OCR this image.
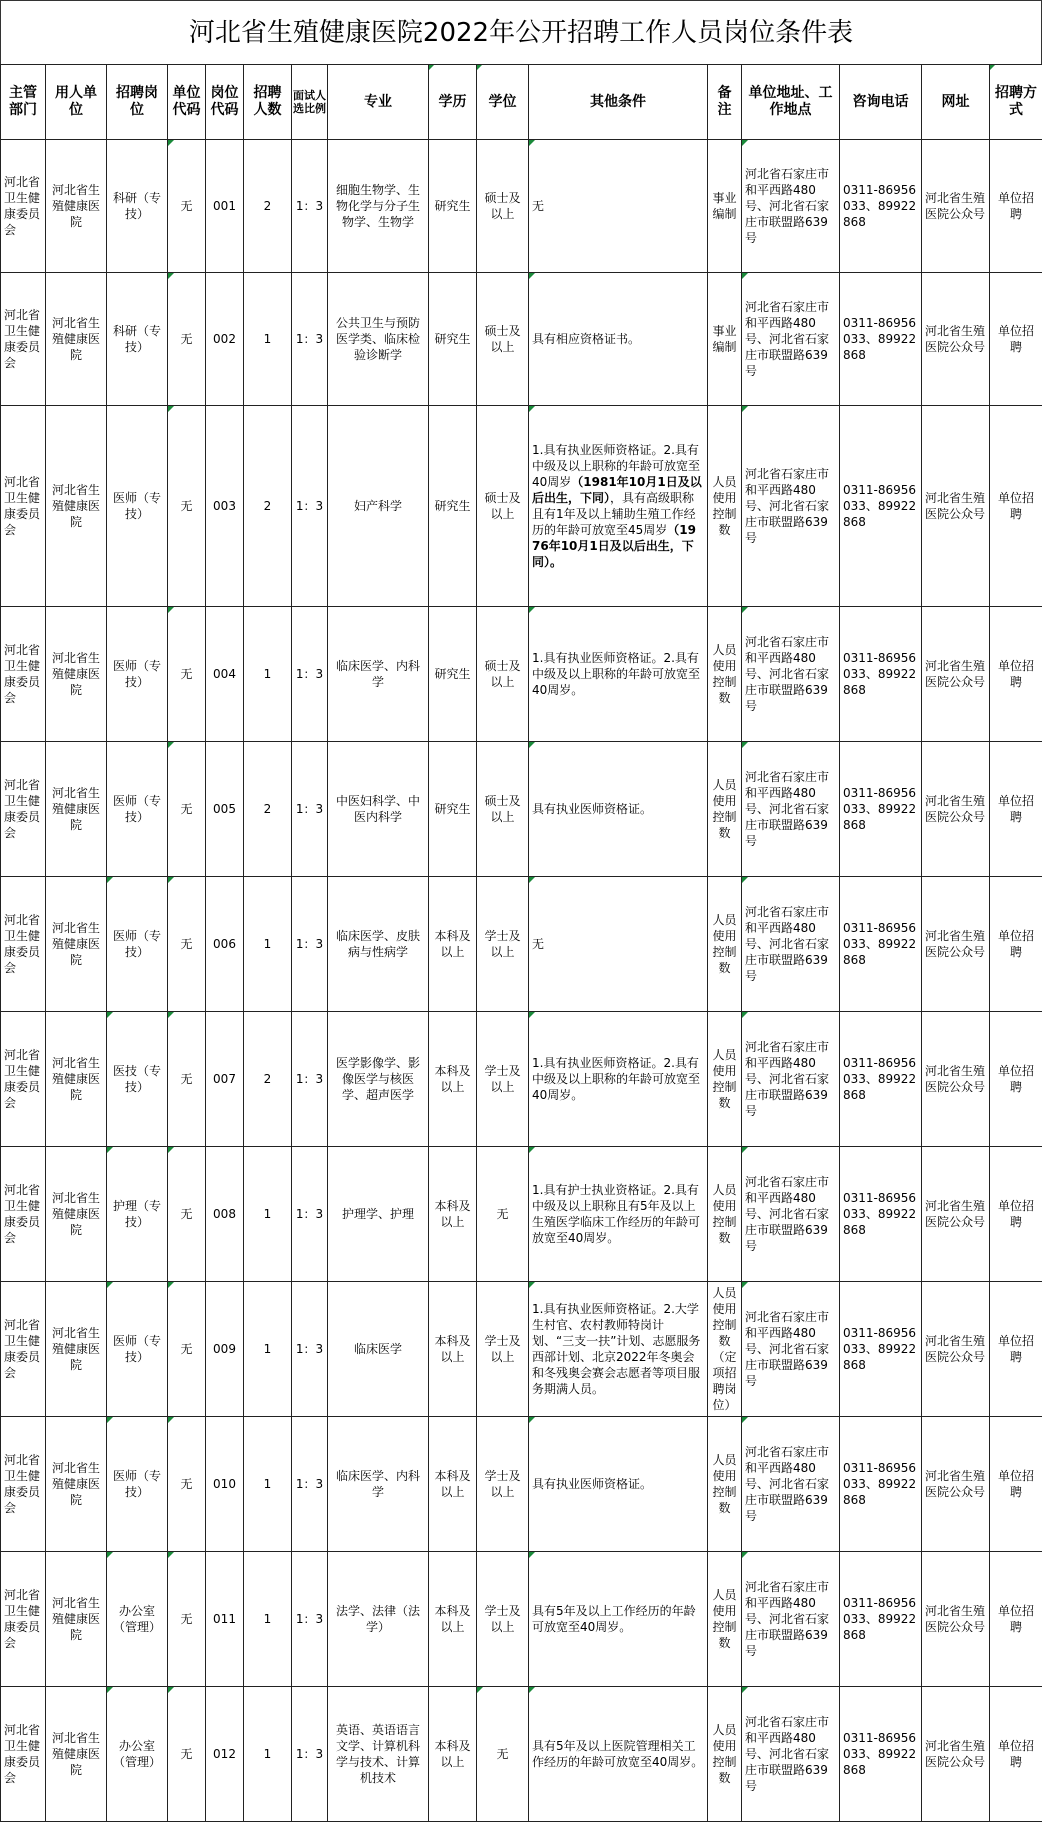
河北省生殖健康医院2022年公开招聘工作人员岗位条件表
主管部门	用人单位	招聘岗位	单位代码	岗位代码	招聘人数	面试人选比例	专业	学历	学位	其他条件	备注	单位地址、工作地点	咨询电话	网址	招聘方式
河北省卫生健康委员会	河北省生殖健康医院	科研（专技）	无	001	2	1：3	细胞生物学、生物化学与分子生物学、生物学	研究生	硕士及以上	无	事业编制	河北省石家庄市和平西路480号、河北省石家庄市联盟路639号	0311-86956033、89922868	河北省生殖医院公众号	单位招聘
河北省卫生健康委员会	河北省生殖健康医院	科研（专技）	无	002	1	1：3	公共卫生与预防医学类、临床检验诊断学	研究生	硕士及以上	具有相应资格证书。	事业编制	河北省石家庄市和平西路480号、河北省石家庄市联盟路639号	0311-86956033、89922868	河北省生殖医院公众号	单位招聘
河北省卫生健康委员会	河北省生殖健康医院	医师（专技）	无	003	2	1：3	妇产科学	研究生	硕士及以上	1.具有执业医师资格证。2.具有中级及以上职称的年龄可放宽至40周岁（1981年10月1日及以后出生，下同），具有高级职称且有1年及以上辅助生殖工作经历的年龄可放宽至45周岁（1976年10月1日及以后出生，下同）。	人员使用控制数	河北省石家庄市和平西路480号、河北省石家庄市联盟路639号	0311-86956033、89922868	河北省生殖医院公众号	单位招聘
河北省卫生健康委员会	河北省生殖健康医院	医师（专技）	无	004	1	1：3	临床医学、内科学	研究生	硕士及以上	1.具有执业医师资格证。2.具有中级及以上职称的年龄可放宽至40周岁。	人员使用控制数	河北省石家庄市和平西路480号、河北省石家庄市联盟路639号	0311-86956033、89922868	河北省生殖医院公众号	单位招聘
河北省卫生健康委员会	河北省生殖健康医院	医师（专技）	无	005	2	1：3	中医妇科学、中医内科学	研究生	硕士及以上	具有执业医师资格证。	人员使用控制数	河北省石家庄市和平西路480号、河北省石家庄市联盟路639号	0311-86956033、89922868	河北省生殖医院公众号	单位招聘
河北省卫生健康委员会	河北省生殖健康医院	医师（专技）	无	006	1	1：3	临床医学、皮肤病与性病学	本科及以上	学士及以上	无	人员使用控制数	河北省石家庄市和平西路480号、河北省石家庄市联盟路639号	0311-86956033、89922868	河北省生殖医院公众号	单位招聘
河北省卫生健康委员会	河北省生殖健康医院	医技（专技）	无	007	2	1：3	医学影像学、影像医学与核医学、超声医学	本科及以上	学士及以上	1.具有执业医师资格证。2.具有中级及以上职称的年龄可放宽至40周岁。	人员使用控制数	河北省石家庄市和平西路480号、河北省石家庄市联盟路639号	0311-86956033、89922868	河北省生殖医院公众号	单位招聘
河北省卫生健康委员会	河北省生殖健康医院	护理（专技）	无	008	1	1：3	护理学、护理	本科及以上	无	1.具有护士执业资格证。2.具有中级及以上职称且有5年及以上生殖医学临床工作经历的年龄可放宽至40周岁。	人员使用控制数	河北省石家庄市和平西路480号、河北省石家庄市联盟路639号	0311-86956033、89922868	河北省生殖医院公众号	单位招聘
河北省卫生健康委员会	河北省生殖健康医院	医师（专技）	无	009	1	1：3	临床医学	本科及以上	学士及以上	1.具有执业医师资格证。2.大学生村官、农村教师特岗计划、“三支一扶”计划、志愿服务西部计划、北京2022年冬奥会和冬残奥会赛会志愿者等项目服务期满人员。	人员使用控制数（定项招聘岗位）	河北省石家庄市和平西路480号、河北省石家庄市联盟路639号	0311-86956033、89922868	河北省生殖医院公众号	单位招聘
河北省卫生健康委员会	河北省生殖健康医院	医师（专技）	无	010	1	1：3	临床医学、内科学	本科及以上	学士及以上	具有执业医师资格证。	人员使用控制数	河北省石家庄市和平西路480号、河北省石家庄市联盟路639号	0311-86956033、89922868	河北省生殖医院公众号	单位招聘
河北省卫生健康委员会	河北省生殖健康医院	办公室（管理）	无	011	1	1：3	法学、法律（法学）	本科及以上	学士及以上	具有5年及以上工作经历的年龄可放宽至40周岁。	人员使用控制数	河北省石家庄市和平西路480号、河北省石家庄市联盟路639号	0311-86956033、89922868	河北省生殖医院公众号	单位招聘
河北省卫生健康委员会	河北省生殖健康医院	办公室（管理）	无	012	1	1：3	英语、英语语言文学、计算机科学与技术、计算机技术	本科及以上	无	具有5年及以上医院管理相关工作经历的年龄可放宽至40周岁。	人员使用控制数	河北省石家庄市和平西路480号、河北省石家庄市联盟路639号	0311-86956033、89922868	河北省生殖医院公众号	单位招聘
